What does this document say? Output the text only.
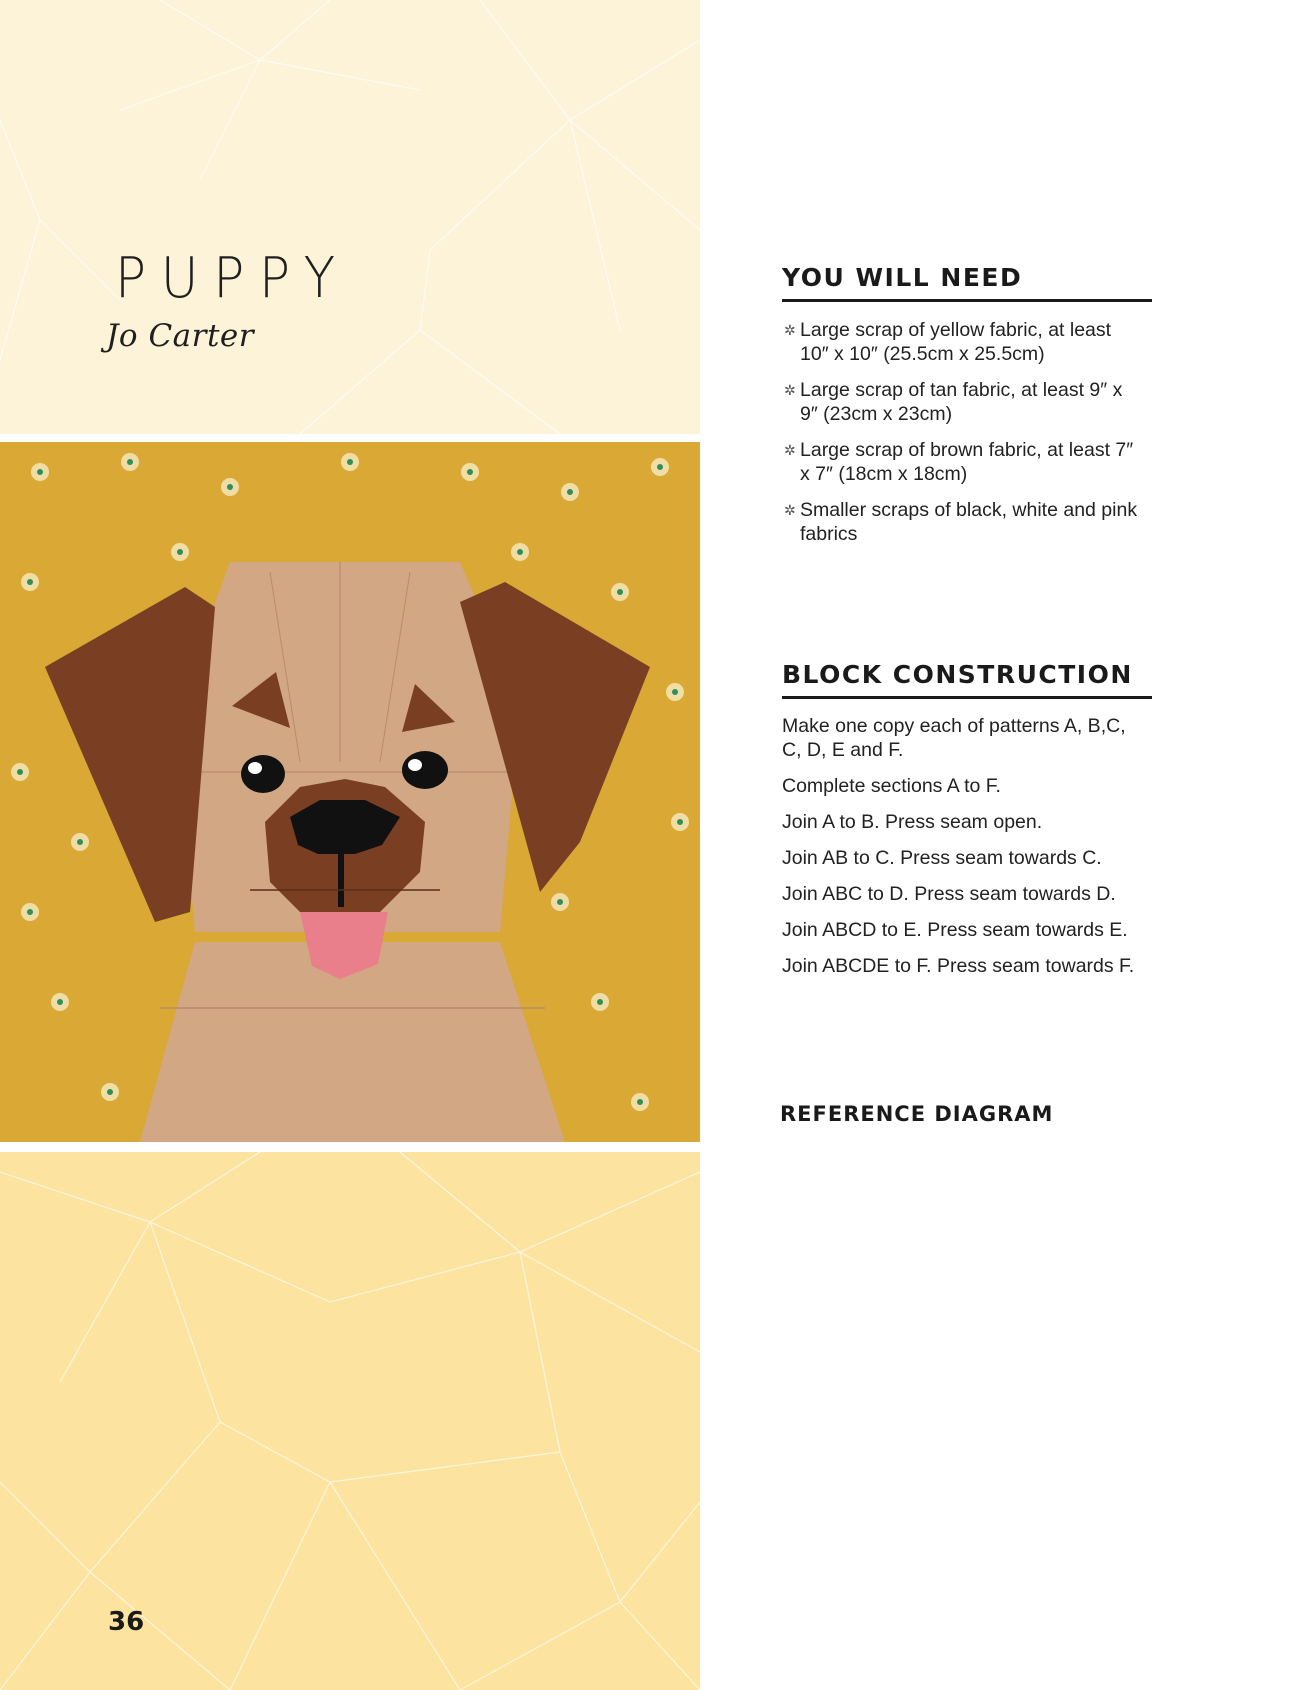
PUPPY
Jo Carter
36
YOU WILL NEED
✲ Large scrap of yellow fabric, at least
10″ x 10″ (25.5cm x 25.5cm)
✲ Large scrap of tan fabric, at least 9″ x
9″ (23cm x 23cm)
✲ Large scrap of brown fabric, at least 7″
x 7″ (18cm x 18cm)
✲ Smaller scraps of black, white and pink
fabrics
BLOCK CONSTRUCTION
Make one copy each of patterns A, B,C,
C, D, E and F.
Complete sections A to F.
Join A to B. Press seam open.
Join AB to C. Press seam towards C.
Join ABC to D. Press seam towards D.
Join ABCD to E. Press seam towards E.
Join ABCDE to F. Press seam towards F.
REFERENCE DIAGRAM
